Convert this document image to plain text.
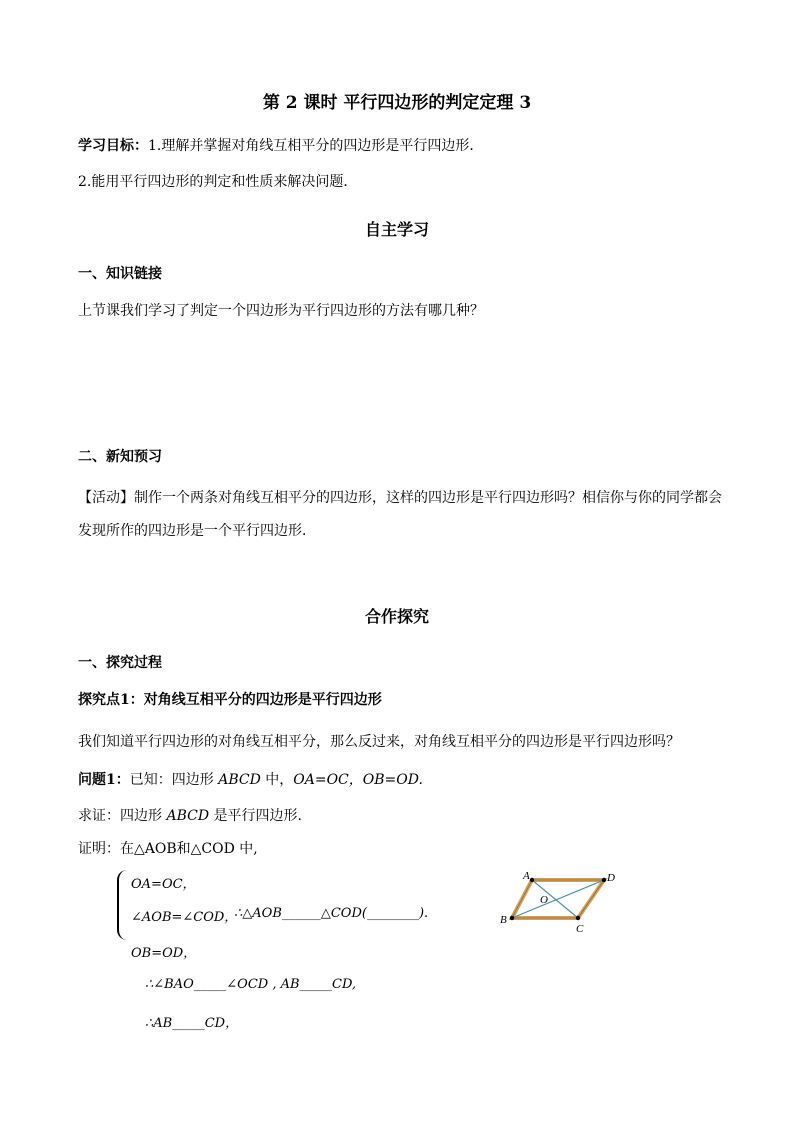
第 2 课时 平行四边形的判定定理 3
学习目标：1.理解并掌握对角线互相平分的四边形是平行四边形．
2.能用平行四边形的判定和性质来解决问题．
自主学习
一、知识链接
上节课我们学习了判定一个四边形为平行四边形的方法有哪几种？
二、新知预习
【活动】制作一个两条对角线互相平分的四边形，这样的四边形是平行四边形吗？相信你与你的同学都会
发现所作的四边形是一个平行四边形．
合作探究
一、探究过程
探究点1：对角线互相平分的四边形是平行四边形
我们知道平行四边形的对角线互相平分，那么反过来，对角线互相平分的四边形是平行四边形吗？
问题1：已知：四边形 ABCD 中，OA=OC，OB=OD.
求证：四边形 ABCD 是平行四边形.
证明：在△AOB和△COD 中,
OA=OC，
∠AOB=∠COD，
∴△AOB______△COD(________).
OB=OD，
∴∠BAO_____∠OCD , AB_____CD,
∴AB_____CD，
A	D
B
C
O
